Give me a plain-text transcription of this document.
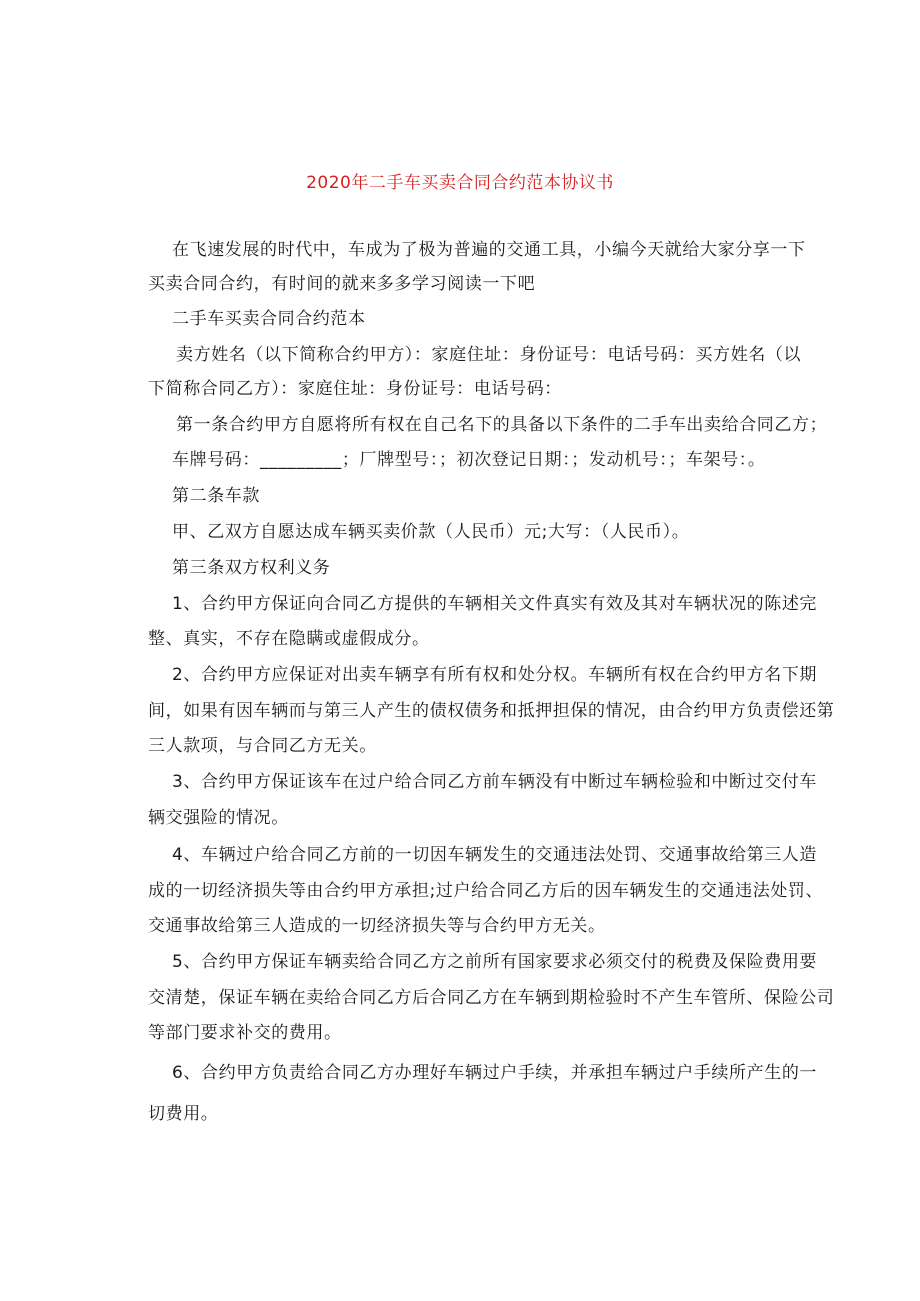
2020年二手车买卖合同合约范本协议书
在飞速发展的时代中，车成为了极为普遍的交通工具，小编今天就给大家分享一下
买卖合同合约，有时间的就来多多学习阅读一下吧
二手车买卖合同合约范本
卖方姓名（以下简称合约甲方）：家庭住址：身份证号：电话号码：买方姓名（以
下简称合同乙方）：家庭住址：身份证号：电话号码：
第一条合约甲方自愿将所有权在自己名下的具备以下条件的二手车出卖给合同乙方；
车牌号码：_________；厂牌型号：；初次登记日期：；发动机号：；车架号：。
第二条车款
甲、乙双方自愿达成车辆买卖价款（人民币）元;大写：（人民币）。
第三条双方权利义务
1、合约甲方保证向合同乙方提供的车辆相关文件真实有效及其对车辆状况的陈述完
整、真实，不存在隐瞒或虚假成分。
2、合约甲方应保证对出卖车辆享有所有权和处分权。车辆所有权在合约甲方名下期
间，如果有因车辆而与第三人产生的债权债务和抵押担保的情况，由合约甲方负责偿还第
三人款项，与合同乙方无关。
3、合约甲方保证该车在过户给合同乙方前车辆没有中断过车辆检验和中断过交付车
辆交强险的情况。
4、车辆过户给合同乙方前的一切因车辆发生的交通违法处罚、交通事故给第三人造
成的一切经济损失等由合约甲方承担;过户给合同乙方后的因车辆发生的交通违法处罚、
交通事故给第三人造成的一切经济损失等与合约甲方无关。
5、合约甲方保证车辆卖给合同乙方之前所有国家要求必须交付的税费及保险费用要
交清楚，保证车辆在卖给合同乙方后合同乙方在车辆到期检验时不产生车管所、保险公司
等部门要求补交的费用。
6、合约甲方负责给合同乙方办理好车辆过户手续，并承担车辆过户手续所产生的一
切费用。
